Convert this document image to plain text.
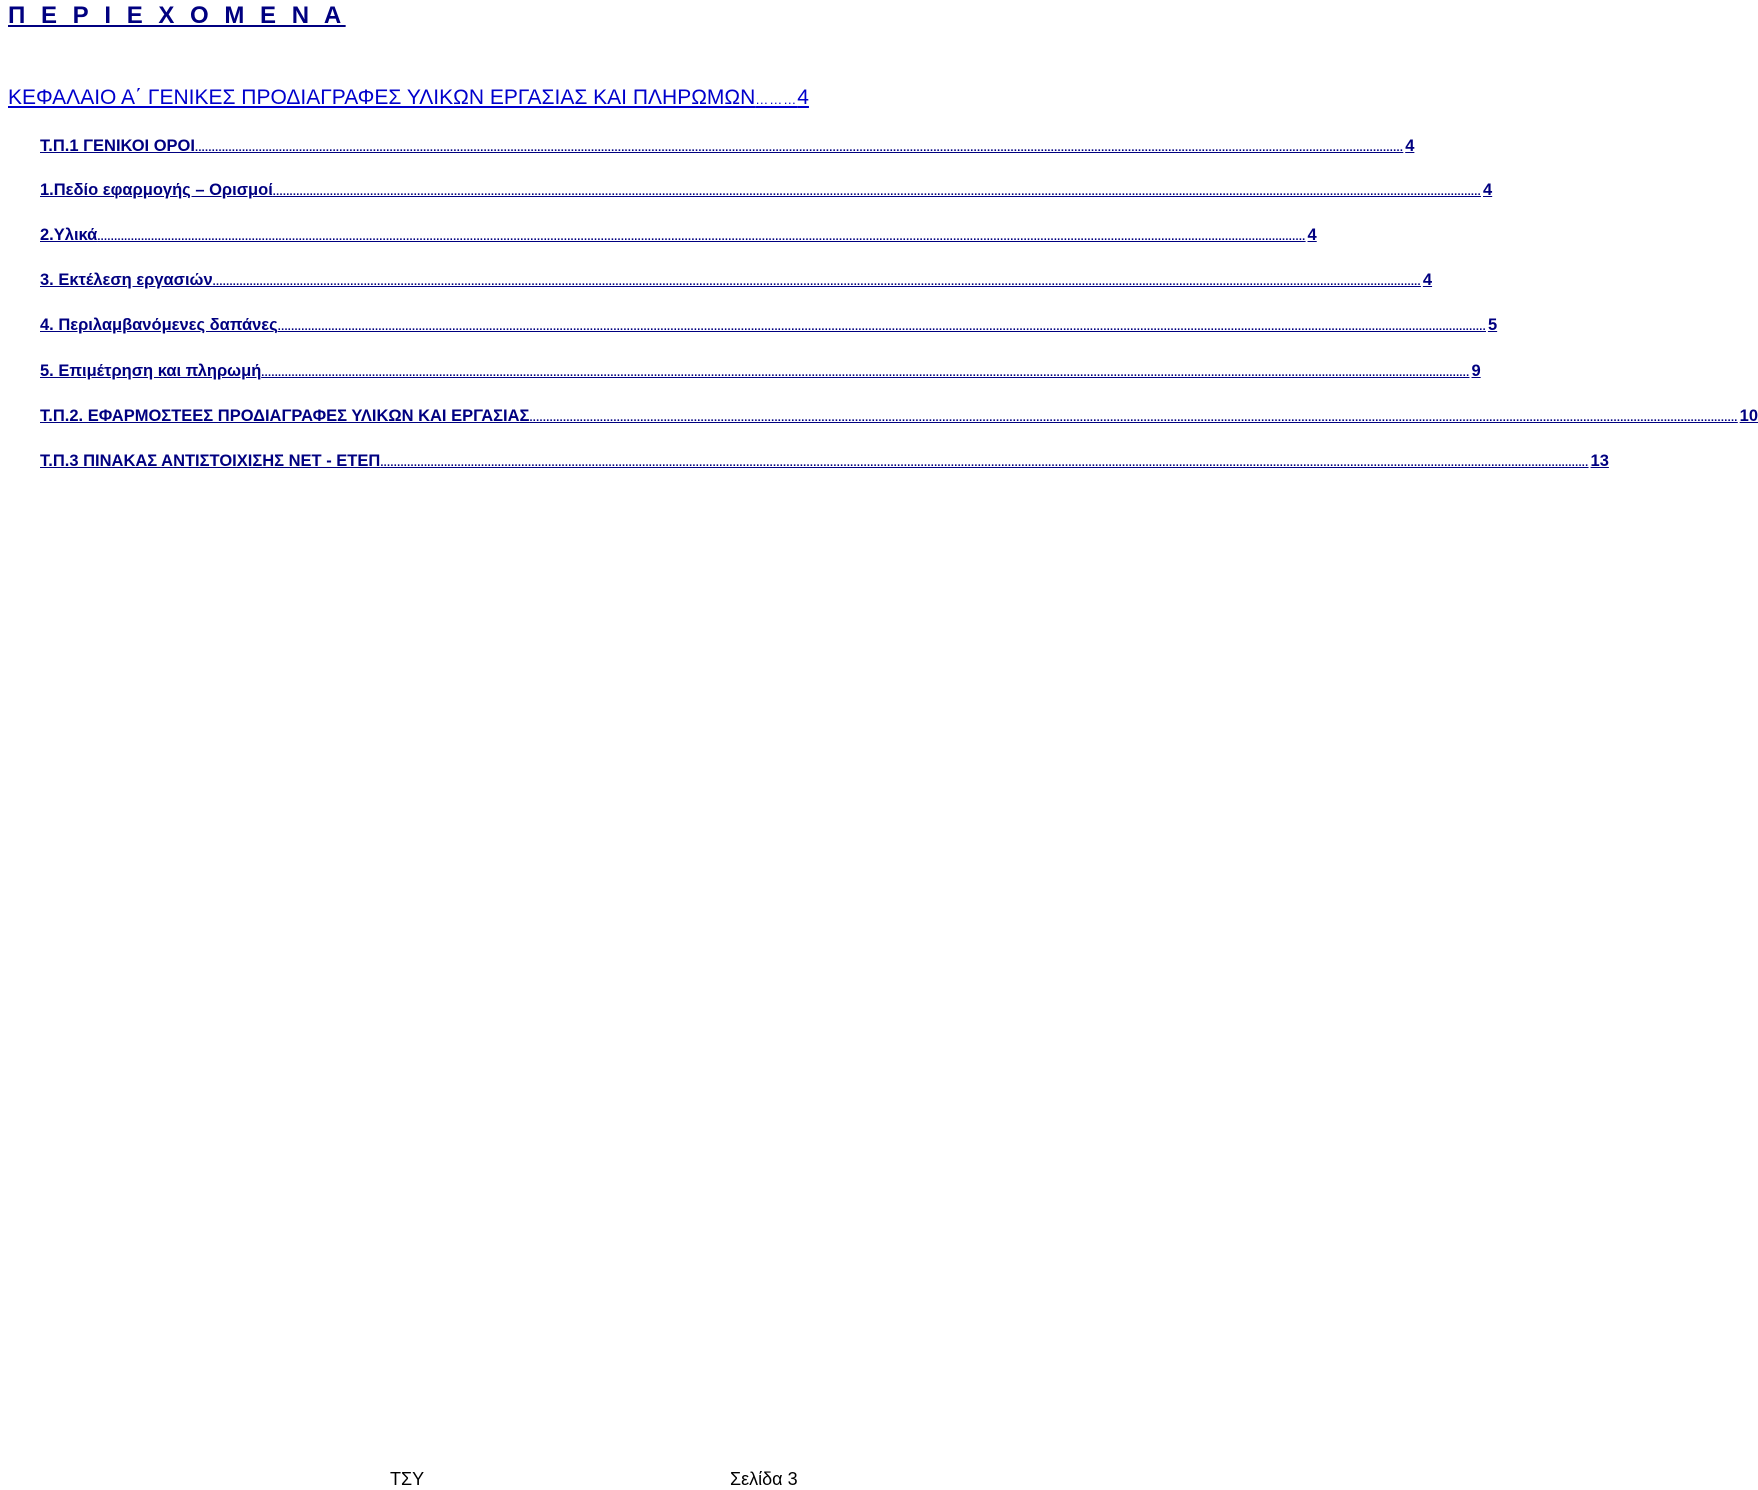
Π Ε Ρ Ι Ε Χ Ο Μ Ε Ν Α
ΚΕΦΑΛΑΙΟ Α΄ ΓΕΝΙΚΕΣ ΠΡΟΔΙΑΓΡΑΦΕΣ ΥΛΙΚΩΝ ΕΡΓΑΣΙΑΣ ΚΑΙ ΠΛΗΡΩΜΩΝ………4
Τ.Π.1 ΓΕΝΙΚΟΙ ΟΡΟΙ ........................................................................................................................................................................................................................................................................................................................................................................ 4
1.Πεδίο εφαρμογής – Ορισμοί ........................................................................................................................................................................................................................................................................................................................................................................ 4
2.Υλικά ........................................................................................................................................................................................................................................................................................................................................................................ 4
3. Εκτέλεση εργασιών ........................................................................................................................................................................................................................................................................................................................................................................ 4
4. Περιλαμβανόμενες δαπάνες ........................................................................................................................................................................................................................................................................................................................................................................ 5
5. Επιμέτρηση και πληρωμή ........................................................................................................................................................................................................................................................................................................................................................................ 9
Τ.Π.2. ΕΦΑΡΜΟΣΤΕΕΣ ΠΡΟΔΙΑΓΡΑΦΕΣ ΥΛΙΚΩΝ ΚΑΙ ΕΡΓΑΣΙΑΣ ........................................................................................................................................................................................................................................................................................................................................................................ 10
Τ.Π.3 ΠΙΝΑΚΑΣ ΑΝΤΙΣΤΟΙΧΙΣΗΣ ΝΕΤ - ΕΤΕΠ ........................................................................................................................................................................................................................................................................................................................................................................ 13
ΤΣΥ	Σελίδα 3
